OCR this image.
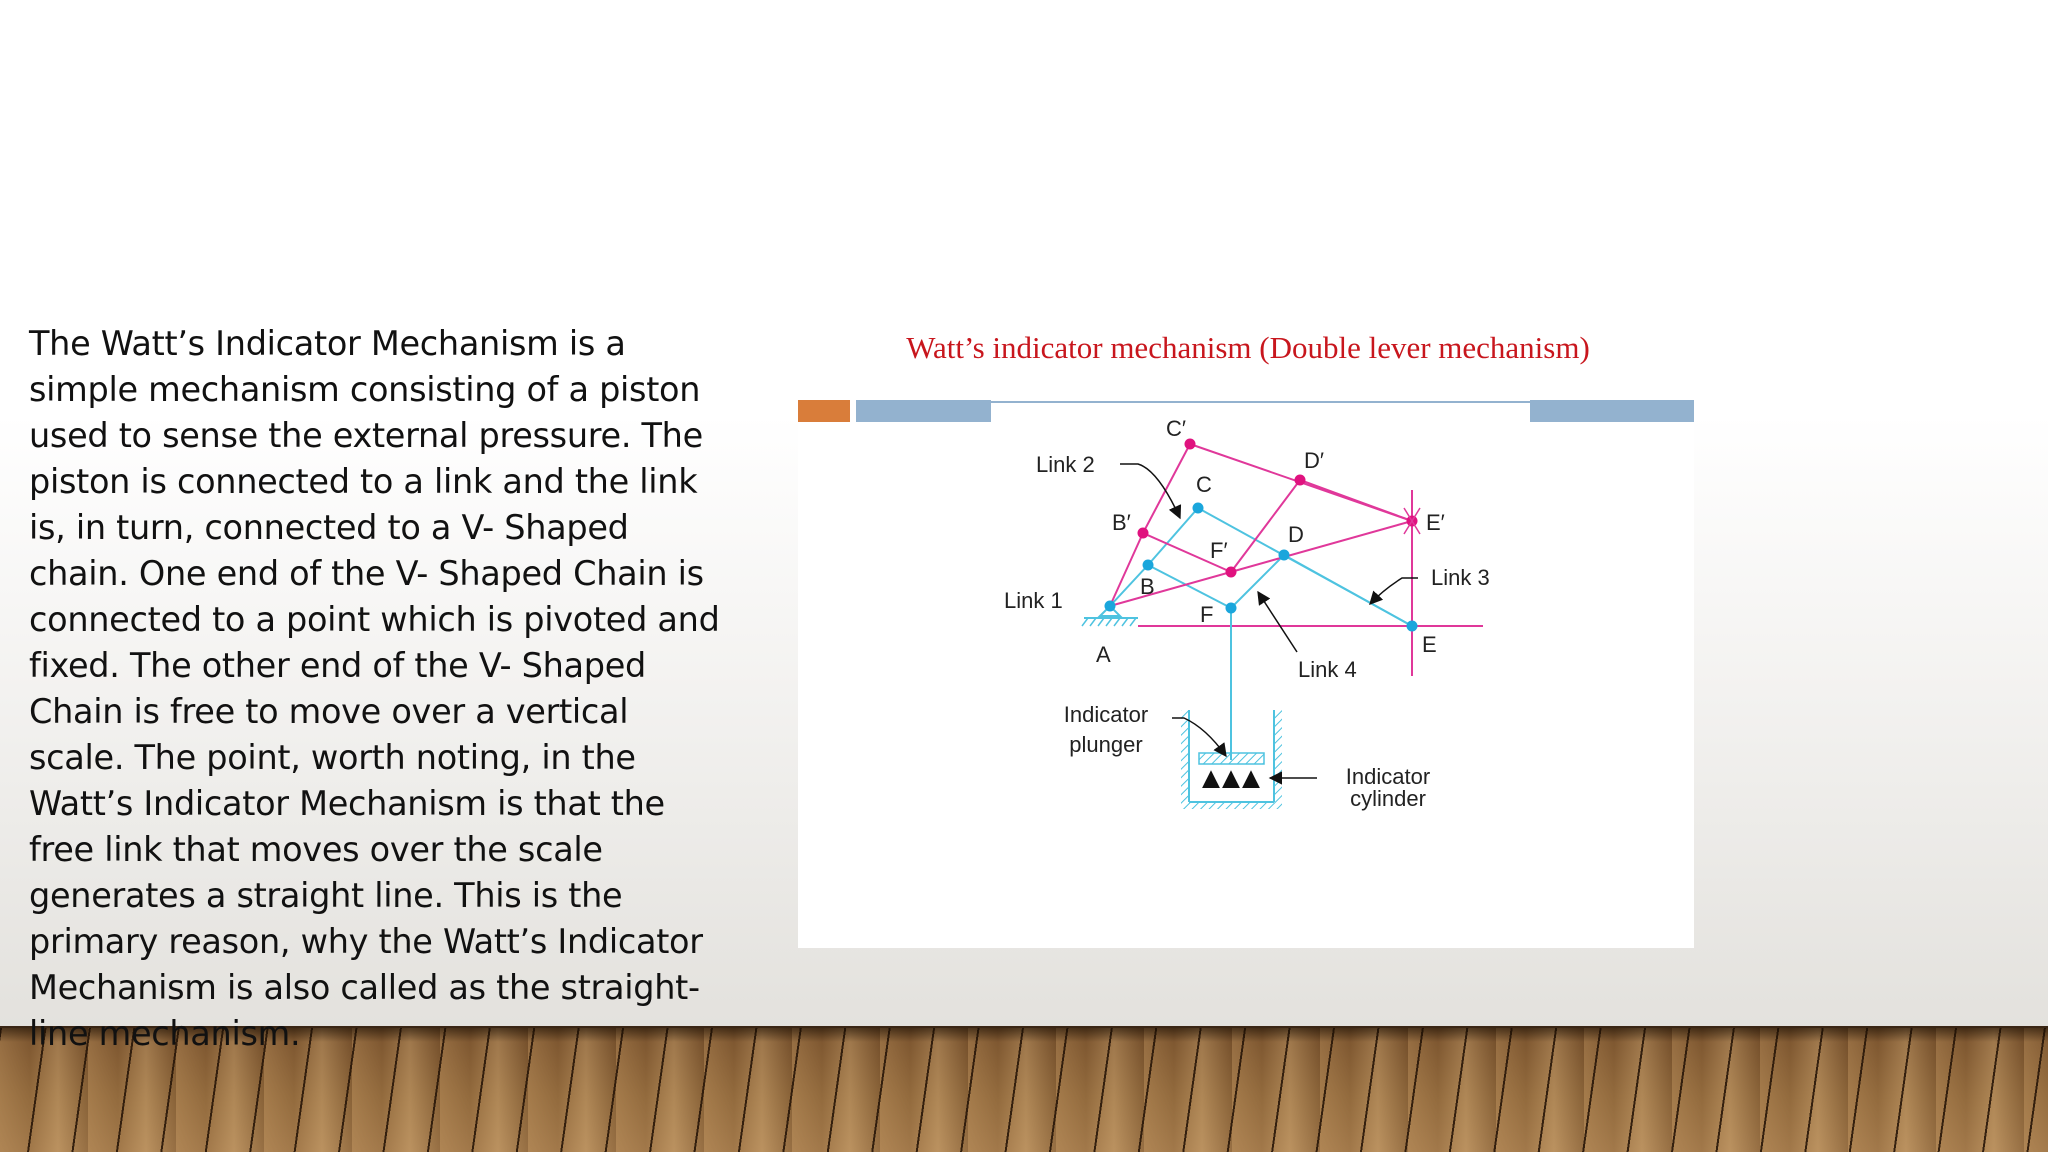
The Watt’s Indicator Mechanism is a simple mechanism consisting of a piston used to sense the external pressure. The piston is connected to a link and the link is, in turn, connected to a V- Shaped chain. One end of the V- Shaped Chain is connected to a point which is pivoted and fixed. The other end of the V- Shaped Chain is free to move over a vertical scale. The point, worth noting, in the Watt’s Indicator Mechanism is that the free link that moves over the scale generates a straight line. This is the primary reason, why the Watt’s Indicator Mechanism is also called as the straight-line mechanism.

Watt’s indicator mechanism (Double lever mechanism)
C′
Link 2	D′
C
B′
F′
D	E′
Link 3
B
Link 1
F
A	E
Link 4
Indicator
plunger
Indicator
cylinder
